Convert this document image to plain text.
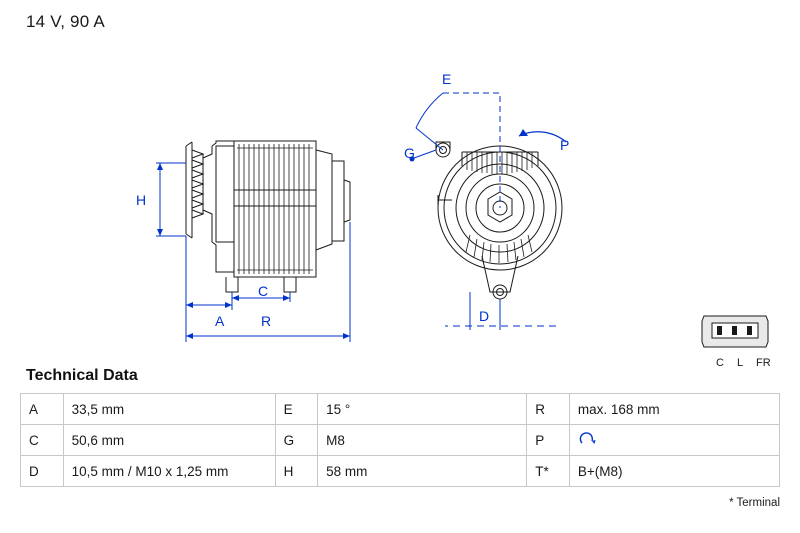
14 V, 90 A
H
A
C
R
E
G	P
D
C L FR
Technical Data
A	33,5 mm	E	15 °	R	max. 168 mm
C	50,6 mm	G	M8	P	

D	10,5 mm / M10 x 1,25 mm	H	58 mm	T*	B+(M8)
* Terminal
